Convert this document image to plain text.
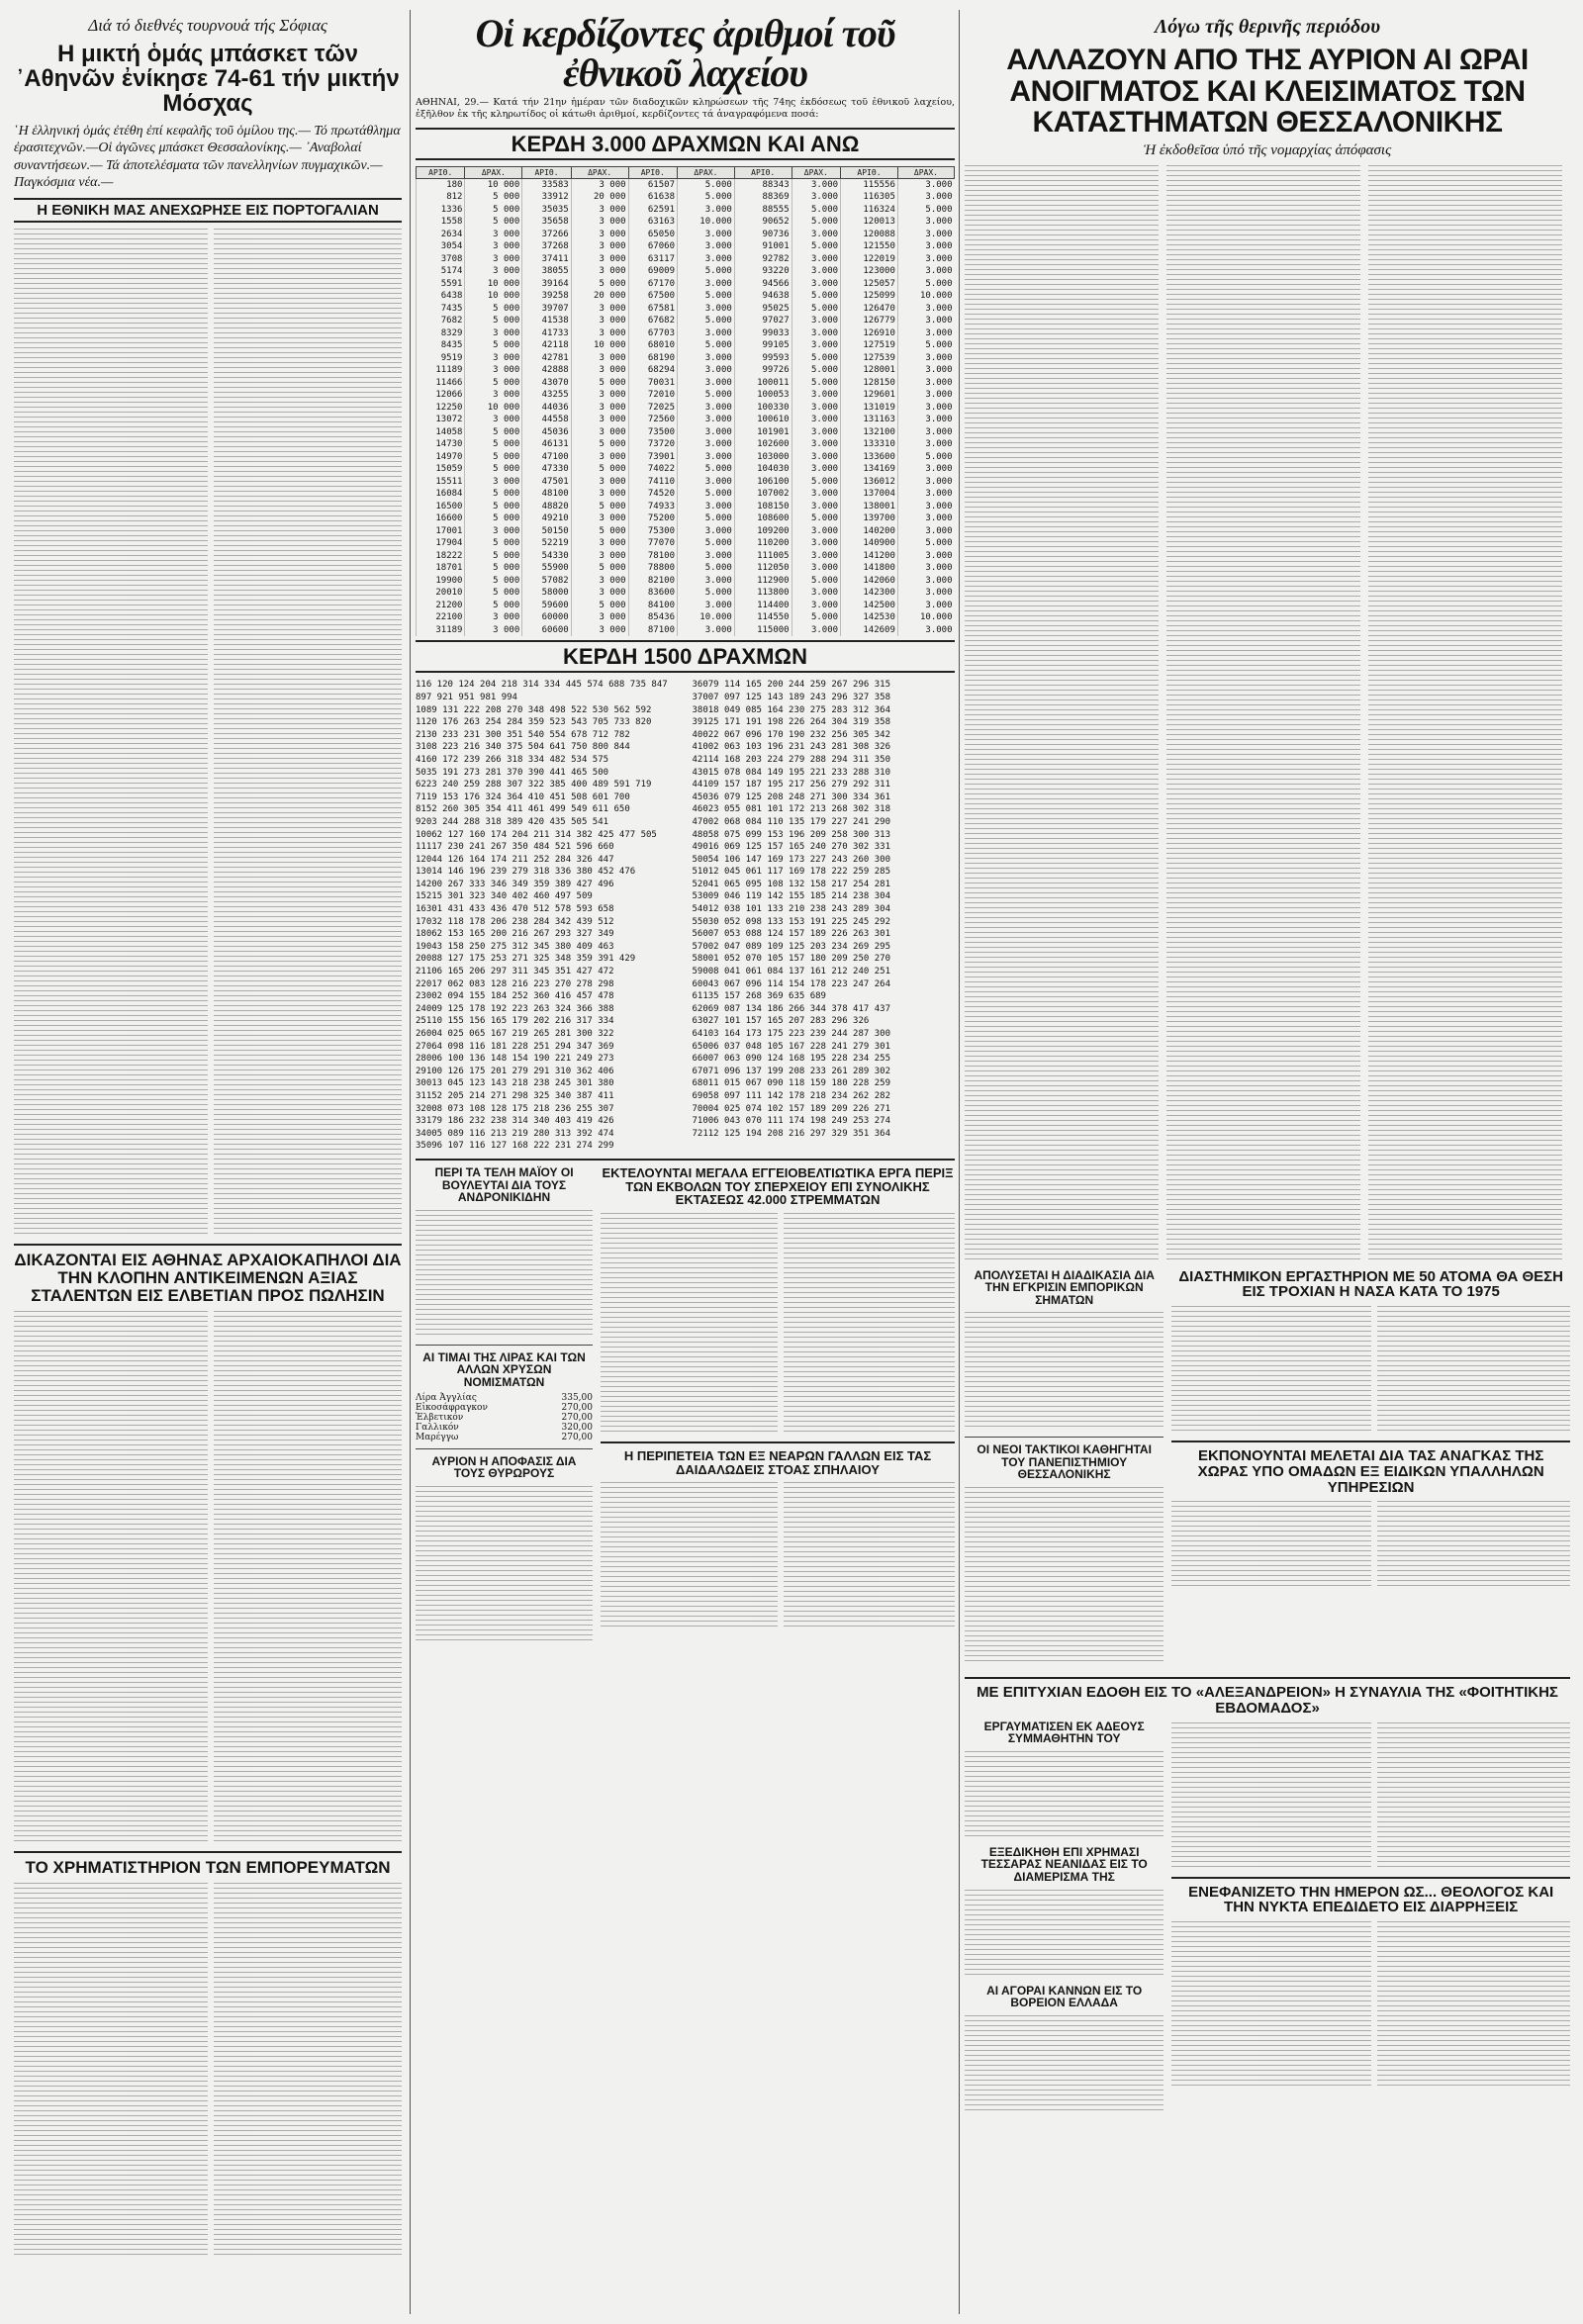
Διά τό διεθνές τουρνουά τής Σόφιας
Η μικτή ὁμάς μπάσκετ τῶν ᾽Αθηνῶν ἐνίκησε 74-61 τήν μικτήν Μόσχας
῾Η ἑλληνική ὁμάς ἐτέθη ἐπί κεφαλῆς τοῦ ὁμίλου της.— Τό πρωτάθλημα ἐρασιτεχνῶν.—Οἱ ἀγῶνες μπάσκετ Θεσσαλονίκης.— ᾽Αναβολαί συναντήσεων.— Τά ἀποτελέσματα τῶν πανελληνίων πυγμαχικῶν.— Παγκόσμια νέα.—
Η ΕΘΝΙΚΗ ΜΑΣ ΑΝΕΧΩΡΗΣΕ ΕΙΣ ΠΟΡΤΟΓΑΛΙΑΝ
ΔΙΚΑΖΟΝΤΑΙ ΕΙΣ ΑΘΗΝΑΣ ΑΡΧΑΙΟΚΑΠΗΛΟΙ ΔΙΑ ΤΗΝ ΚΛΟΠΗΝ ΑΝΤΙΚΕΙΜΕΝΩΝ ΑΞΙΑΣ ΣΤΑΛΕΝΤΩΝ ΕΙΣ ΕΛΒΕΤΙΑΝ ΠΡΟΣ ΠΩΛΗΣΙΝ
ΤΟ ΧΡΗΜΑΤΙΣΤΗΡΙΟΝ ΤΩΝ ΕΜΠΟΡΕΥΜΑΤΩΝ
Οἱ κερδίζοντες ἀριθμοί τοῦ ἐθνικοῦ λαχείου
ΑΘΗΝΑΙ, 29.— Κατά τήν 21ην ἡμέραν τῶν διαδοχικῶν κληρώσεων τῆς 74ης ἐκδόσεως τοῦ ἐθνικοῦ λαχείου, ἐξῆλθον ἐκ τῆς κληρωτίδος οἱ κάτωθι ἀριθμοί, κερδίζοντες τά ἀναγραφόμενα ποσά:
ΚΕΡΔΗ 3.000 ΔΡΑΧΜΩΝ ΚΑΙ ΑΝΩ
ΑΡΙΘ.	ΔΡΑΧ.	ΑΡΙΘ.	ΔΡΑΧ.	ΑΡΙΘ.	ΔΡΑΧ.	ΑΡΙΘ.	ΔΡΑΧ.	ΑΡΙΘ.	ΔΡΑΧ.
180	10 000	33583	3 000	61507	5.000	88343	3.000	115556	3.000
812	5 000	33912	20 000	61638	5.000	88369	3.000	116305	3.000
1336	5 000	35035	3 000	62591	3.000	88555	5.000	116324	5.000
1558	5 000	35658	3 000	63163	10.000	90652	5.000	120013	3.000
2634	3 000	37266	3 000	65050	3.000	90736	3.000	120088	3.000
3054	3 000	37268	3 000	67060	3.000	91001	5.000	121550	3.000
3708	3 000	37411	3 000	63117	3.000	92782	3.000	122019	3.000
5174	3 000	38055	3 000	69009	5.000	93220	3.000	123000	3.000
5591	10 000	39164	5 000	67170	3.000	94566	3.000	125057	5.000
6438	10 000	39258	20 000	67500	5.000	94638	5.000	125099	10.000
7435	5 000	39707	3 000	67581	3.000	95025	5.000	126470	3.000
7682	5 000	41538	3 000	67682	5.000	97027	3.000	126779	3.000
8329	3 000	41733	3 000	67703	3.000	99033	3.000	126910	3.000
8435	5 000	42118	10 000	68010	5.000	99105	3.000	127519	5.000
9519	3 000	42781	3 000	68190	3.000	99593	5.000	127539	3.000
11189	3 000	42888	3 000	68294	3.000	99726	5.000	128001	3.000
11466	5 000	43070	5 000	70031	3.000	100011	5.000	128150	3.000
12066	3 000	43255	3 000	72010	5.000	100053	3.000	129601	3.000
12250	10 000	44036	3 000	72025	3.000	100330	3.000	131019	3.000
13072	3 000	44558	3 000	72560	3.000	100610	3.000	131163	3.000
14058	5 000	45036	3 000	73500	3.000	101901	3.000	132100	3.000
14730	5 000	46131	5 000	73720	3.000	102600	3.000	133310	3.000
14970	5 000	47100	3 000	73901	3.000	103000	3.000	133600	5.000
15059	5 000	47330	5 000	74022	5.000	104030	3.000	134169	3.000
15511	3 000	47501	3 000	74110	3.000	106100	5.000	136012	3.000
16084	5 000	48100	3 000	74520	5.000	107002	3.000	137004	3.000
16500	5 000	48820	5 000	74933	3.000	108150	3.000	138001	3.000
16600	5 000	49210	3 000	75200	5.000	108600	5.000	139700	3.000
17001	3 000	50150	5 000	75300	3.000	109200	3.000	140200	3.000
17904	5 000	52219	3 000	77070	5.000	110200	3.000	140900	5.000
18222	5 000	54330	3 000	78100	3.000	111005	3.000	141200	3.000
18701	5 000	55900	5 000	78800	5.000	112050	3.000	141800	3.000
19900	5 000	57082	3 000	82100	3.000	112900	5.000	142060	3.000
20010	5 000	58000	3 000	83600	5.000	113800	3.000	142300	3.000
21200	5 000	59600	5 000	84100	3.000	114400	3.000	142500	3.000
22100	3 000	60000	3 000	85436	10.000	114550	5.000	142530	10.000
31189	3 000	60600	3 000	87100	3.000	115000	3.000	142609	3.000
ΚΕΡΔΗ 1500 ΔΡΑΧΜΩΝ
116 120 124 204 218 314 334 445 574 688 735 847
897 921 951 981 994
1089 131 222 208 270 348 498 522 530 562 592
1120 176 263 254 284 359 523 543 705 733 820
2130 233 231 300 351 540 554 678 712 782
3108 223 216 340 375 504 641 750 800 844
4160 172 239 266 318 334 482 534 575
5035 191 273 281 370 390 441 465 500
6223 240 259 288 307 322 385 400 489 591 719
7119 153 176 324 364 410 451 508 601 700
8152 260 305 354 411 461 499 549 611 650
9203 244 288 318 389 420 435 505 541
10062 127 160 174 204 211 314 382 425 477 505
11117 230 241 267 350 484 521 596 660
12044 126 164 174 211 252 284 326 447
13014 146 196 239 279 318 336 380 452 476
14200 267 333 346 349 359 389 427 496
15215 301 323 340 402 460 497 509
16301 431 433 436 470 512 578 593 658
17032 118 178 206 238 284 342 439 512
18062 153 165 200 216 267 293 327 349
19043 158 250 275 312 345 380 409 463
20088 127 175 253 271 325 348 359 391 429
21106 165 206 297 311 345 351 427 472
22017 062 083 128 216 223 270 278 298
23002 094 155 184 252 360 416 457 478
24009 125 178 192 223 263 324 366 388
25110 155 156 165 179 202 216 317 334
26004 025 065 167 219 265 281 300 322
27064 098 116 181 228 251 294 347 369
28006 100 136 148 154 190 221 249 273
29100 126 175 201 279 291 310 362 406
30013 045 123 143 218 238 245 301 380
31152 205 214 271 298 325 340 387 411
32008 073 108 128 175 218 236 255 307
33179 186 232 238 314 340 403 419 426
34005 089 116 213 219 280 313 392 474
35096 107 116 127 168 222 231 274 299
36079 114 165 200 244 259 267 296 315
37007 097 125 143 189 243 296 327 358
38018 049 085 164 230 275 283 312 364
39125 171 191 198 226 264 304 319 358
40022 067 096 170 190 232 256 305 342
41002 063 103 196 231 243 281 308 326
42114 168 203 224 279 288 294 311 350
43015 078 084 149 195 221 233 288 310
44109 157 187 195 217 256 279 292 311
45036 079 125 208 248 271 300 334 361
46023 055 081 101 172 213 268 302 318
47002 068 084 110 135 179 227 241 290
48058 075 099 153 196 209 258 300 313
49016 069 125 157 165 240 270 302 331
50054 106 147 169 173 227 243 260 300
51012 045 061 117 169 178 222 259 285
52041 065 095 108 132 158 217 254 281
53009 046 119 142 155 185 214 238 304
54012 038 101 133 210 238 243 289 304
55030 052 098 133 153 191 225 245 292
56007 053 088 124 157 189 226 263 301
57002 047 089 109 125 203 234 269 295
58001 052 070 105 157 180 209 250 270
59008 041 061 084 137 161 212 240 251
60043 067 096 114 154 178 223 247 264
61135 157 268 369 635 689
62069 087 134 186 266 344 378 417 437
63027 101 157 165 207 283 296 326
64103 164 173 175 223 239 244 287 300
65006 037 048 105 167 228 241 279 301
66007 063 090 124 168 195 228 234 255
67071 096 137 199 208 233 261 289 302
68011 015 067 090 118 159 180 228 259
69058 097 111 142 178 218 234 262 282
70004 025 074 102 157 189 209 226 271
71006 043 070 111 174 198 249 253 274
72112 125 194 208 216 297 329 351 364
ΠΕΡΙ ΤΑ ΤΕΛΗ ΜΑΪΟΥ ΟΙ ΒΟΥΛΕΥΤΑΙ ΔΙΑ ΤΟΥΣ ΑΝΔΡΟΝΙΚΙΔΗΝ
ΑΙ ΤΙΜΑΙ ΤΗΣ ΛΙΡΑΣ ΚΑΙ ΤΩΝ ΑΛΛΩΝ ΧΡΥΣΩΝ ΝΟΜΙΣΜΑΤΩΝ
Λίρα Ἀγγλίας	335,00
Εἰκοσάφραγκον	270,00
Ἐλβετικόν	270,00
Γαλλικόν	320,00
Μαρέγγω	270,00
ΑΥΡΙΟΝ Η ΑΠΟΦΑΣΙΣ ΔΙΑ ΤΟΥΣ ΘΥΡΩΡΟΥΣ
ΕΚΤΕΛΟΥΝΤΑΙ ΜΕΓΑΛΑ ΕΓΓΕΙΟΒΕΛΤΙΩΤΙΚΑ ΕΡΓΑ ΠΕΡΙΞ ΤΩΝ ΕΚΒΟΛΩΝ ΤΟΥ ΣΠΕΡΧΕΙΟΥ ΕΠΙ ΣΥΝΟΛΙΚΗΣ ΕΚΤΑΣΕΩΣ 42.000 ΣΤΡΕΜΜΑΤΩΝ
Η ΠΕΡΙΠΕΤΕΙΑ ΤΩΝ ΕΞ ΝΕΑΡΩΝ ΓΑΛΛΩΝ ΕΙΣ ΤΑΣ ΔΑΙΔΑΛΩΔΕΙΣ ΣΤΟΑΣ ΣΠΗΛΑΙΟΥ
Λόγω τῆς θερινῆς περιόδου
ΑΛΛΑΖΟΥΝ ΑΠΟ ΤΗΣ ΑΥΡΙΟΝ ΑΙ ΩΡΑΙ ΑΝΟΙΓΜΑΤΟΣ ΚΑΙ ΚΛΕΙΣΙΜΑΤΟΣ ΤΩΝ ΚΑΤΑΣΤΗΜΑΤΩΝ ΘΕΣΣΑΛΟΝΙΚΗΣ
Ἡ ἐκδοθεῖσα ὑπό τῆς νομαρχίας ἀπόφασις
ΑΠΟΛΥΣΕΤΑΙ Η ΔΙΑΔΙΚΑΣΙΑ ΔΙΑ ΤΗΝ ΕΓΚΡΙΣΙΝ ΕΜΠΟΡΙΚΩΝ ΣΗΜΑΤΩΝ
ΟΙ ΝΕΟΙ ΤΑΚΤΙΚΟΙ ΚΑΘΗΓΗΤΑΙ ΤΟΥ ΠΑΝΕΠΙΣΤΗΜΙΟΥ ΘΕΣΣΑΛΟΝΙΚΗΣ
ΔΙΑΣΤΗΜΙΚΟΝ ΕΡΓΑΣΤΗΡΙΟΝ ΜΕ 50 ΑΤΟΜΑ ΘΑ ΘΕΣΗ ΕΙΣ ΤΡΟΧΙΑΝ Η ΝΑΣΑ ΚΑΤΑ ΤΟ 1975
ΕΚΠΟΝΟΥΝΤΑΙ ΜΕΛΕΤΑΙ ΔΙΑ ΤΑΣ ΑΝΑΓΚΑΣ ΤΗΣ ΧΩΡΑΣ ΥΠΟ ΟΜΑΔΩΝ ΕΞ ΕΙΔΙΚΩΝ ΥΠΑΛΛΗΛΩΝ ΥΠΗΡΕΣΙΩΝ
ΜΕ ΕΠΙΤΥΧΙΑΝ ΕΔΟΘΗ ΕΙΣ ΤΟ «ΑΛΕΞΑΝΔΡΕΙΟΝ» Η ΣΥΝΑΥΛΙΑ ΤΗΣ «ΦΟΙΤΗΤΙΚΗΣ ΕΒΔΟΜΑΔΟΣ»
ΕΡΓΑΥΜΑΤΙΣΕΝ ΕΚ ΑΔΕΟΥΣ ΣΥΜΜΑΘΗΤΗΝ ΤΟΥ
ΕΞΕΔΙΚΗΘΗ ΕΠΙ ΧΡΗΜΑΣΙ ΤΕΣΣΑΡΑΣ ΝΕΑΝΙΔΑΣ ΕΙΣ ΤΟ ΔΙΑΜΕΡΙΣΜΑ ΤΗΣ
ΑΙ ΑΓΟΡΑΙ ΚΑΝΝΩΝ ΕΙΣ ΤΟ ΒΟΡΕΙΟΝ ΕΛΛΑΔΑ
ΕΝΕΦΑΝΙΖΕΤΟ ΤΗΝ ΗΜΕΡΟΝ ΩΣ... ΘΕΟΛΟΓΟΣ ΚΑΙ ΤΗΝ ΝΥΚΤΑ ΕΠΕΔΙΔΕΤΟ ΕΙΣ ΔΙΑΡΡΗΞΕΙΣ
